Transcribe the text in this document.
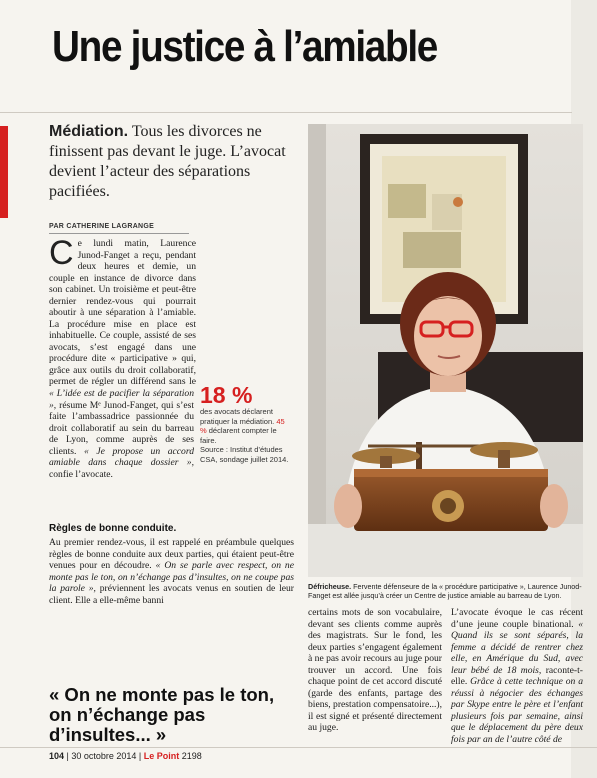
Une justice à l’amiable
Médiation. Tous les divorces ne finissent pas devant le juge. L’avocat devient l’acteur des séparations pacifiées.
PAR CATHERINE LAGRANGE
Ce lundi matin, Laurence Junod-Fanget a reçu, pendant deux heures et demie, un couple en instance de divorce dans son cabinet. Un troisième et peut-être dernier rendez-vous qui pourrait aboutir à une séparation à l’amiable. La procédure mise en place est inhabituelle. Ce couple, assisté de ses avocats, s’est engagé dans une procédure dite « participative » qui, grâce aux outils du droit collaboratif, permet de régler un différend sans le
« L’idée est de pacifier la séparation », résume Mᵉ Junod-Fanget, qui s’est faite l’ambassadrice passionnée du droit collaboratif au sein du barreau de Lyon, comme auprès de ses clients. « Je propose un accord amiable dans chaque dossier », confie l’avocate.
18 %
des avocats déclarent pratiquer la médiation. 45 % déclarent compter le faire.
Source : Institut d’études CSA, sondage juillet 2014.
Règles de bonne conduite.
Au premier rendez-vous, il est rappelé en préambule quelques règles de bonne conduite aux deux parties, qui étaient peut-être venues pour en découdre. « On se parle avec respect, on ne monte pas le ton, on n’échange pas d’insultes, on ne coupe pas la parole », préviennent les avocats venus en soutien de leur client. Elle a elle-même banni
« On ne monte pas le ton, on n’échange pas d’insultes... »
Défricheuse. Fervente défenseure de la « procédure participative », Laurence Junod-Fanget est allée jusqu’à créer un Centre de justice amiable au barreau de Lyon.
certains mots de son vocabulaire, devant ses clients comme auprès des magistrats. Sur le fond, les deux parties s’engagent également à ne pas avoir recours au juge pour trouver un accord. Une fois chaque point de cet accord discuté (garde des enfants, partage des biens, prestation compensatoire...), il est signé et présenté directement au juge.
L’avocate évoque le cas récent d’une jeune couple binational. « Quand ils se sont séparés, la femme a décidé de rentrer chez elle, en Amérique du Sud, avec leur bébé de 18 mois, raconte-t-elle. Grâce à cette technique on a réussi à négocier des échanges par Skype entre le père et l’enfant plusieurs fois par semaine, ainsi que le déplacement du père deux fois par an de l’autre côté de
104 | 30 octobre 2014 | Le Point 2198
